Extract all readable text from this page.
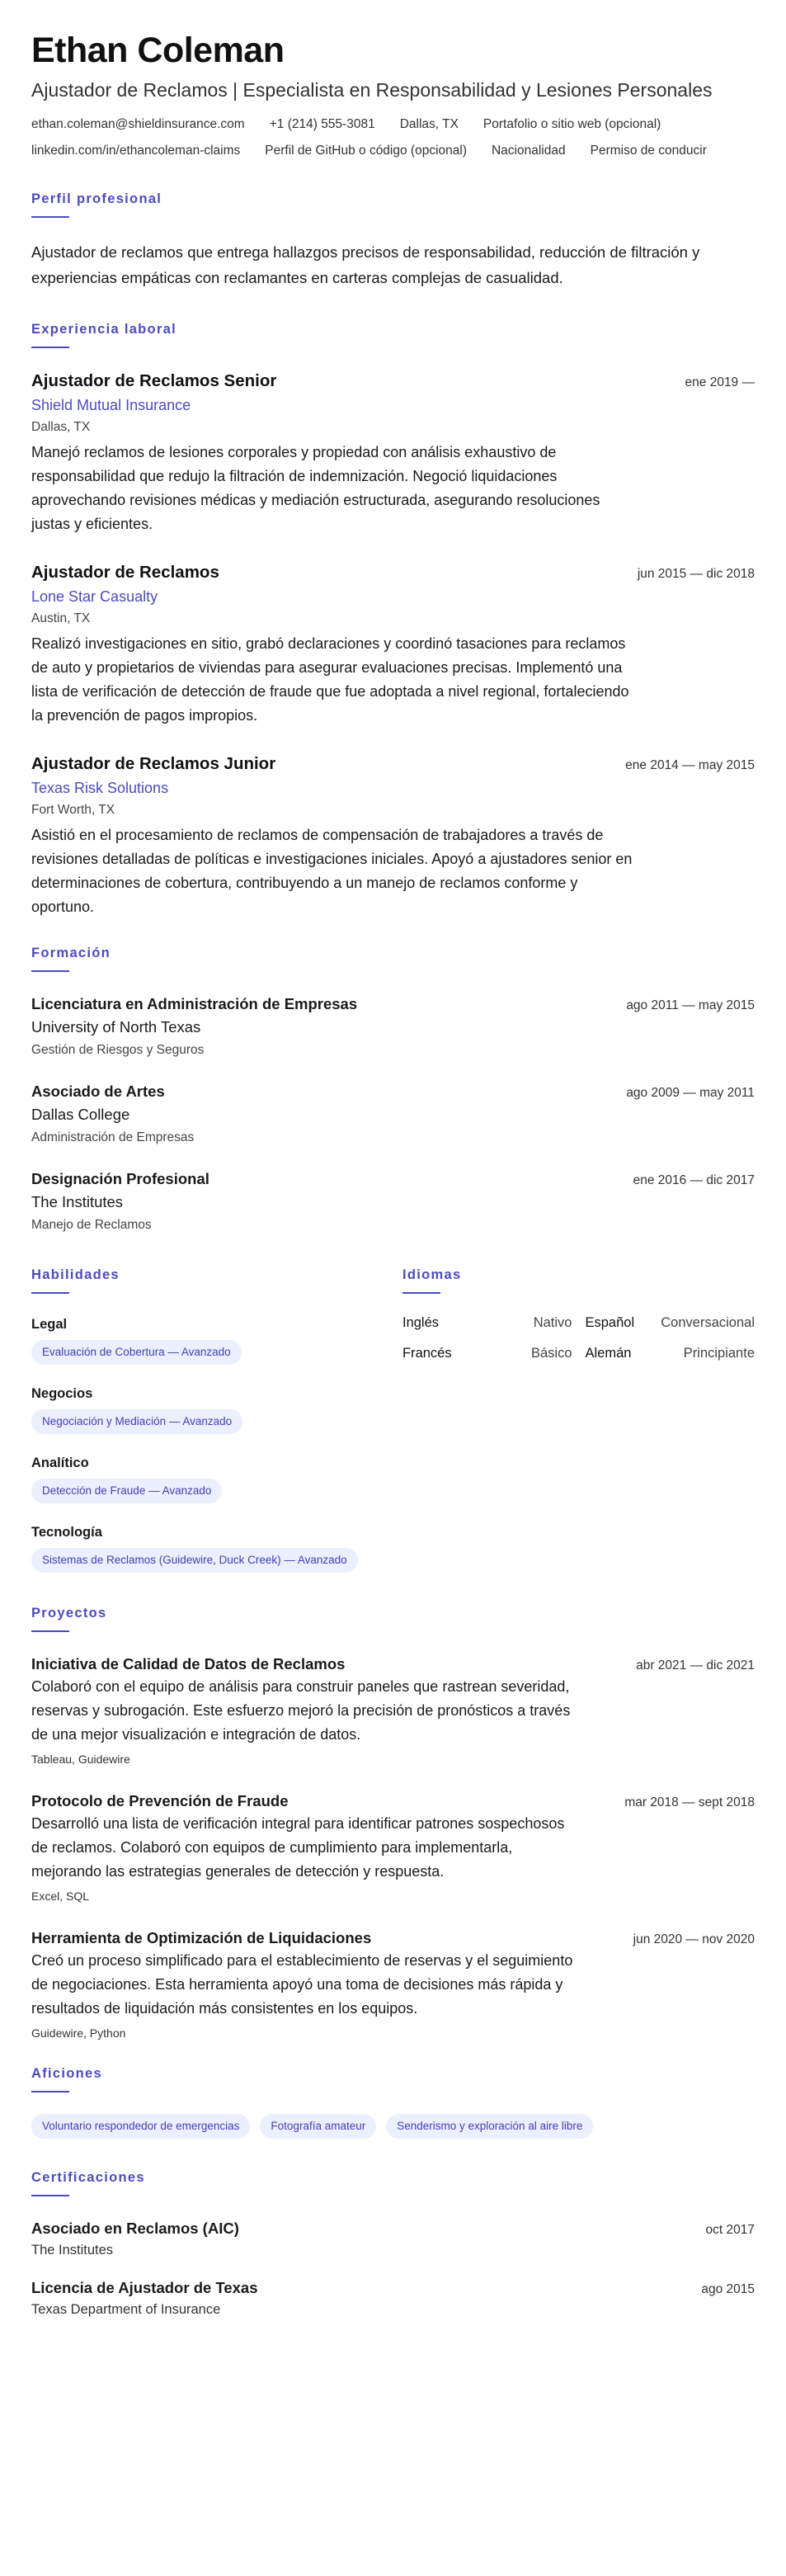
Ethan Coleman
Ajustador de Reclamos | Especialista en Responsabilidad y Lesiones Personales
ethan.coleman@shieldinsurance.com +1 (214) 555-3081 Dallas, TX Portafolio o sitio web (opcional)
linkedin.com/in/ethancoleman-claims Perfil de GitHub o código (opcional) Nacionalidad Permiso de conducir
Perfil profesional
Ajustador de reclamos que entrega hallazgos precisos de responsabilidad, reducción de filtración y experiencias empáticas con reclamantes en carteras complejas de casualidad.
Experiencia laboral
Ajustador de Reclamos Senior	ene 2019 —
Shield Mutual Insurance
Dallas, TX
Manejó reclamos de lesiones corporales y propiedad con análisis exhaustivo de responsabilidad que redujo la filtración de indemnización. Negoció liquidaciones aprovechando revisiones médicas y mediación estructurada, asegurando resoluciones justas y eficientes.
Ajustador de Reclamos	jun 2015 — dic 2018
Lone Star Casualty
Austin, TX
Realizó investigaciones en sitio, grabó declaraciones y coordinó tasaciones para reclamos de auto y propietarios de viviendas para asegurar evaluaciones precisas. Implementó una lista de verificación de detección de fraude que fue adoptada a nivel regional, fortaleciendo la prevención de pagos impropios.
Ajustador de Reclamos Junior	ene 2014 — may 2015
Texas Risk Solutions
Fort Worth, TX
Asistió en el procesamiento de reclamos de compensación de trabajadores a través de revisiones detalladas de políticas e investigaciones iniciales. Apoyó a ajustadores senior en determinaciones de cobertura, contribuyendo a un manejo de reclamos conforme y oportuno.
Formación
Licenciatura en Administración de Empresas	ago 2011 — may 2015
University of North Texas
Gestión de Riesgos y Seguros
Asociado de Artes	ago 2009 — may 2011
Dallas College
Administración de Empresas
Designación Profesional	ene 2016 — dic 2017
The Institutes
Manejo de Reclamos
Habilidades
Legal
Evaluación de Cobertura — Avanzado
Negocios
Negociación y Mediación — Avanzado
Analítico
Detección de Fraude — Avanzado
Tecnología
Sistemas de Reclamos (Guidewire, Duck Creek) — Avanzado
Idiomas
Inglés	Nativo Español Conversacional
Francés	Básico Alemán	Principiante
Proyectos
Iniciativa de Calidad de Datos de Reclamos	abr 2021 — dic 2021
Colaboró con el equipo de análisis para construir paneles que rastrean severidad, reservas y subrogación. Este esfuerzo mejoró la precisión de pronósticos a través de una mejor visualización e integración de datos.
Tableau, Guidewire
Protocolo de Prevención de Fraude	mar 2018 — sept 2018
Desarrolló una lista de verificación integral para identificar patrones sospechosos de reclamos. Colaboró con equipos de cumplimiento para implementarla, mejorando las estrategias generales de detección y respuesta.
Excel, SQL
Herramienta de Optimización de Liquidaciones	jun 2020 — nov 2020
Creó un proceso simplificado para el establecimiento de reservas y el seguimiento de negociaciones. Esta herramienta apoyó una toma de decisiones más rápida y resultados de liquidación más consistentes en los equipos.
Guidewire, Python
Aficiones
Voluntario respondedor de emergencias	Fotografía amateur	Senderismo y exploración al aire libre
Certificaciones
Asociado en Reclamos (AIC)	oct 2017
The Institutes
Licencia de Ajustador de Texas	ago 2015
Texas Department of Insurance
